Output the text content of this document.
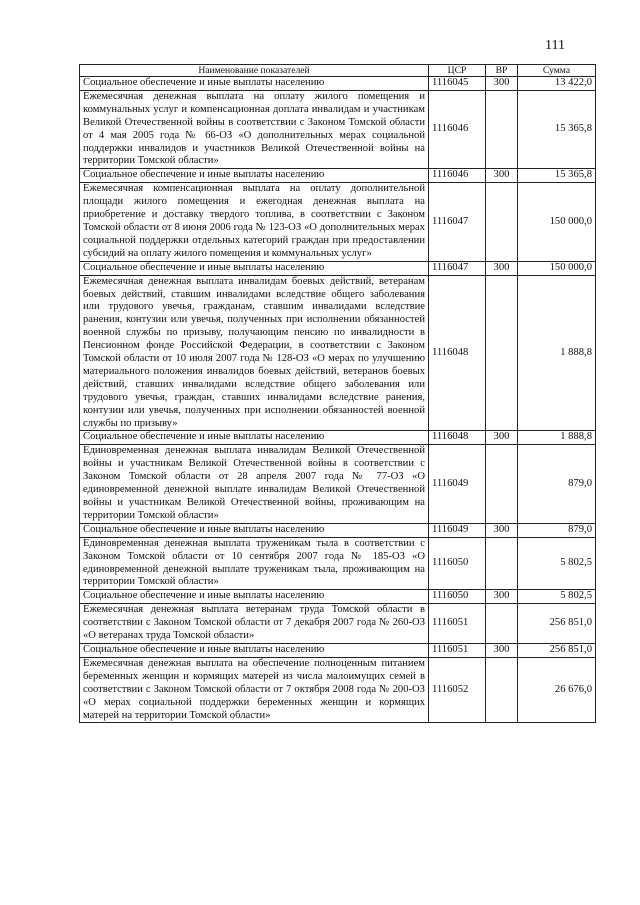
111
Наименование показателей	ЦСР	ВР	Сумма
Социальное обеспечение и иные выплаты населению	1116045	300	13 422,0
Ежемесячная денежная выплата на оплату жилого помещения и коммунальных услуг и компенсационная доплата инвалидам и участникам Великой Отечественной войны в соответствии с Законом Томской области от 4 мая 2005 года № 66-ОЗ «О дополнительных мерах социальной поддержки инвалидов и участников Великой Отечественной войны на территории Томской области»	1116046		15 365,8
Социальное обеспечение и иные выплаты населению	1116046	300	15 365,8
Ежемесячная компенсационная выплата на оплату дополнительной площади жилого помещения и ежегодная денежная выплата на приобретение и доставку твердого топлива, в соответствии с Законом Томской области от 8 июня 2006 года № 123-ОЗ «О дополнительных мерах социальной поддержки отдельных категорий граждан при предоставлении субсидий на оплату жилого помещения и коммунальных услуг»	1116047		150 000,0
Социальное обеспечение и иные выплаты населению	1116047	300	150 000,0
Ежемесячная денежная выплата инвалидам боевых действий, ветеранам боевых действий, ставшим инвалидами вследствие общего заболевания или трудового увечья, гражданам, ставшим инвалидами вследствие ранения, контузии или увечья, полученных при исполнении обязанностей военной службы по призыву, получающим пенсию по инвалидности в Пенсионном фонде Российской Федерации, в соответствии с Законом Томской области от 10 июля 2007 года № 128-ОЗ «О мерах по улучшению материального положения инвалидов боевых действий, ветеранов боевых действий, ставших инвалидами вследствие общего заболевания или трудового увечья, граждан, ставших инвалидами вследствие ранения, контузии или увечья, полученных при исполнении обязанностей военной службы по призыву»	1116048		1 888,8
Социальное обеспечение и иные выплаты населению	1116048	300	1 888,8
Единовременная денежная выплата инвалидам Великой Отечественной войны и участникам Великой Отечественной войны в соответствии с Законом Томской области от 28 апреля 2007 года № 77-ОЗ «О единовременной денежной выплате инвалидам Великой Отечественной войны и участникам Великой Отечественной войны, проживающим на территории Томской области»	1116049		879,0
Социальное обеспечение и иные выплаты населению	1116049	300	879,0
Единовременная денежная выплата труженикам тыла в соответствии с Законом Томской области от 10 сентября 2007 года № 185-ОЗ «О единовременной денежной выплате труженикам тыла, проживающим на территории Томской области»	1116050		5 802,5
Социальное обеспечение и иные выплаты населению	1116050	300	5 802,5
Ежемесячная денежная выплата ветеранам труда Томской области в соответствии с Законом Томской области от 7 декабря 2007 года № 260-ОЗ «О ветеранах труда Томской области»	1116051		256 851,0
Социальное обеспечение и иные выплаты населению	1116051	300	256 851,0
Ежемесячная денежная выплата на обеспечение полноценным питанием беременных женщин и кормящих матерей из числа малоимущих семей в соответствии с Законом Томской области от 7 октября 2008 года № 200-ОЗ «О мерах социальной поддержки беременных женщин и кормящих матерей на территории Томской области»	1116052		26 676,0
